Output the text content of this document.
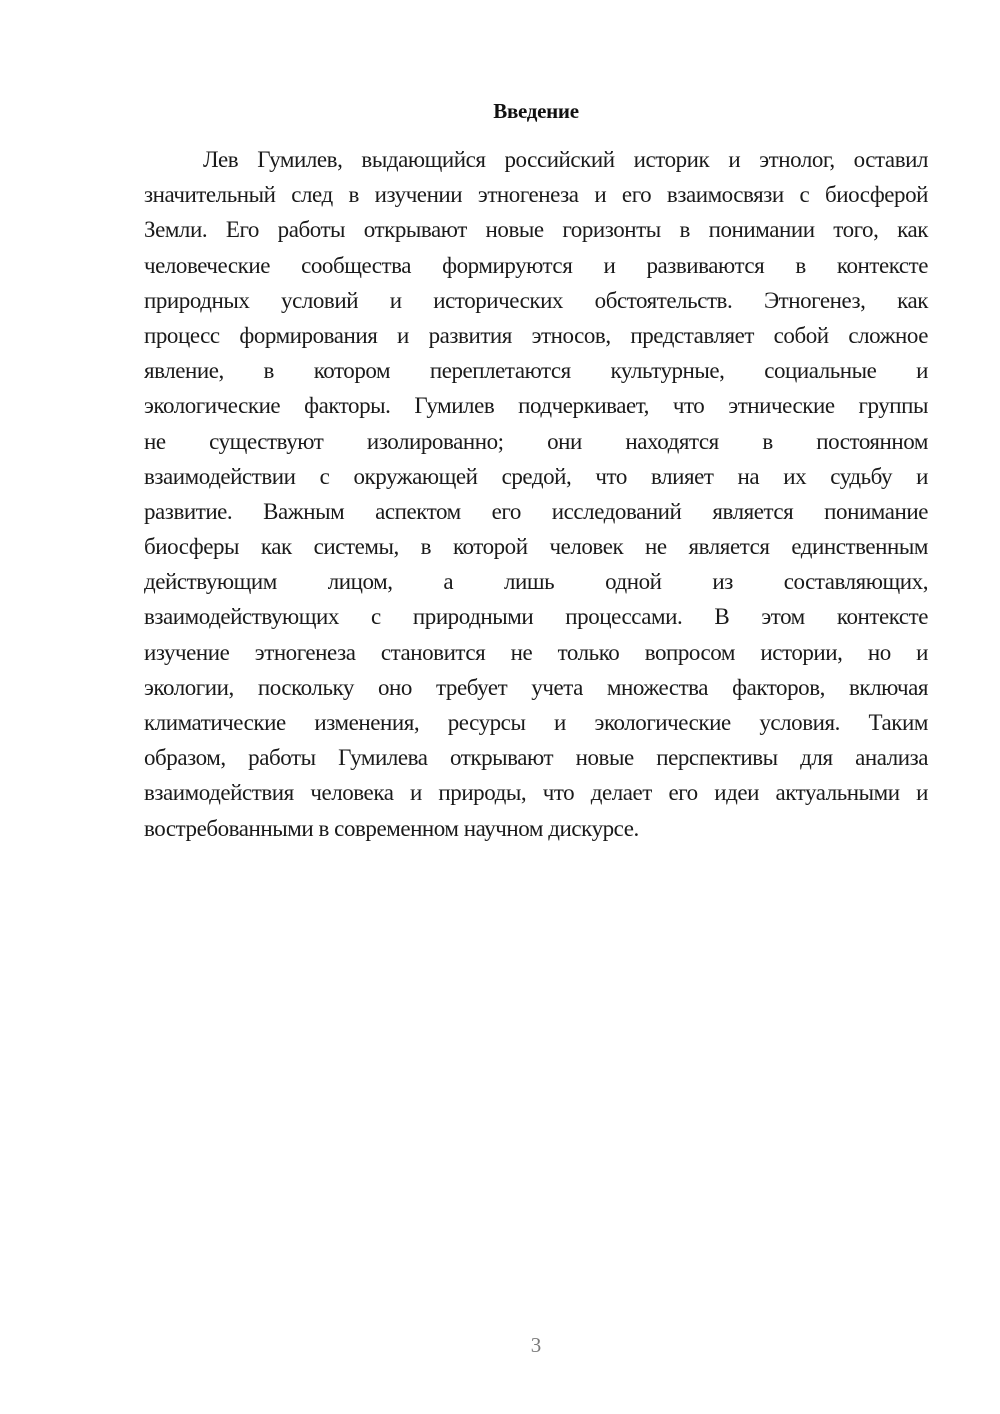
Введение
Лев Гумилев, выдающийся российский историк и этнолог, оставил
значительный след в изучении этногенеза и его взаимосвязи с биосферой
Земли. Его работы открывают новые горизонты в понимании того, как
человеческие сообщества формируются и развиваются в контексте
природных условий и исторических обстоятельств. Этногенез, как
процесс формирования и развития этносов, представляет собой сложное
явление, в котором переплетаются культурные, социальные и
экологические факторы. Гумилев подчеркивает, что этнические группы
не существуют изолированно; они находятся в постоянном
взаимодействии с окружающей средой, что влияет на их судьбу и
развитие. Важным аспектом его исследований является понимание
биосферы как системы, в которой человек не является единственным
действующим лицом, а лишь одной из составляющих,
взаимодействующих с природными процессами. В этом контексте
изучение этногенеза становится не только вопросом истории, но и
экологии, поскольку оно требует учета множества факторов, включая
климатические изменения, ресурсы и экологические условия. Таким
образом, работы Гумилева открывают новые перспективы для анализа
взаимодействия человека и природы, что делает его идеи актуальными и
востребованными в современном научном дискурсе.
3
